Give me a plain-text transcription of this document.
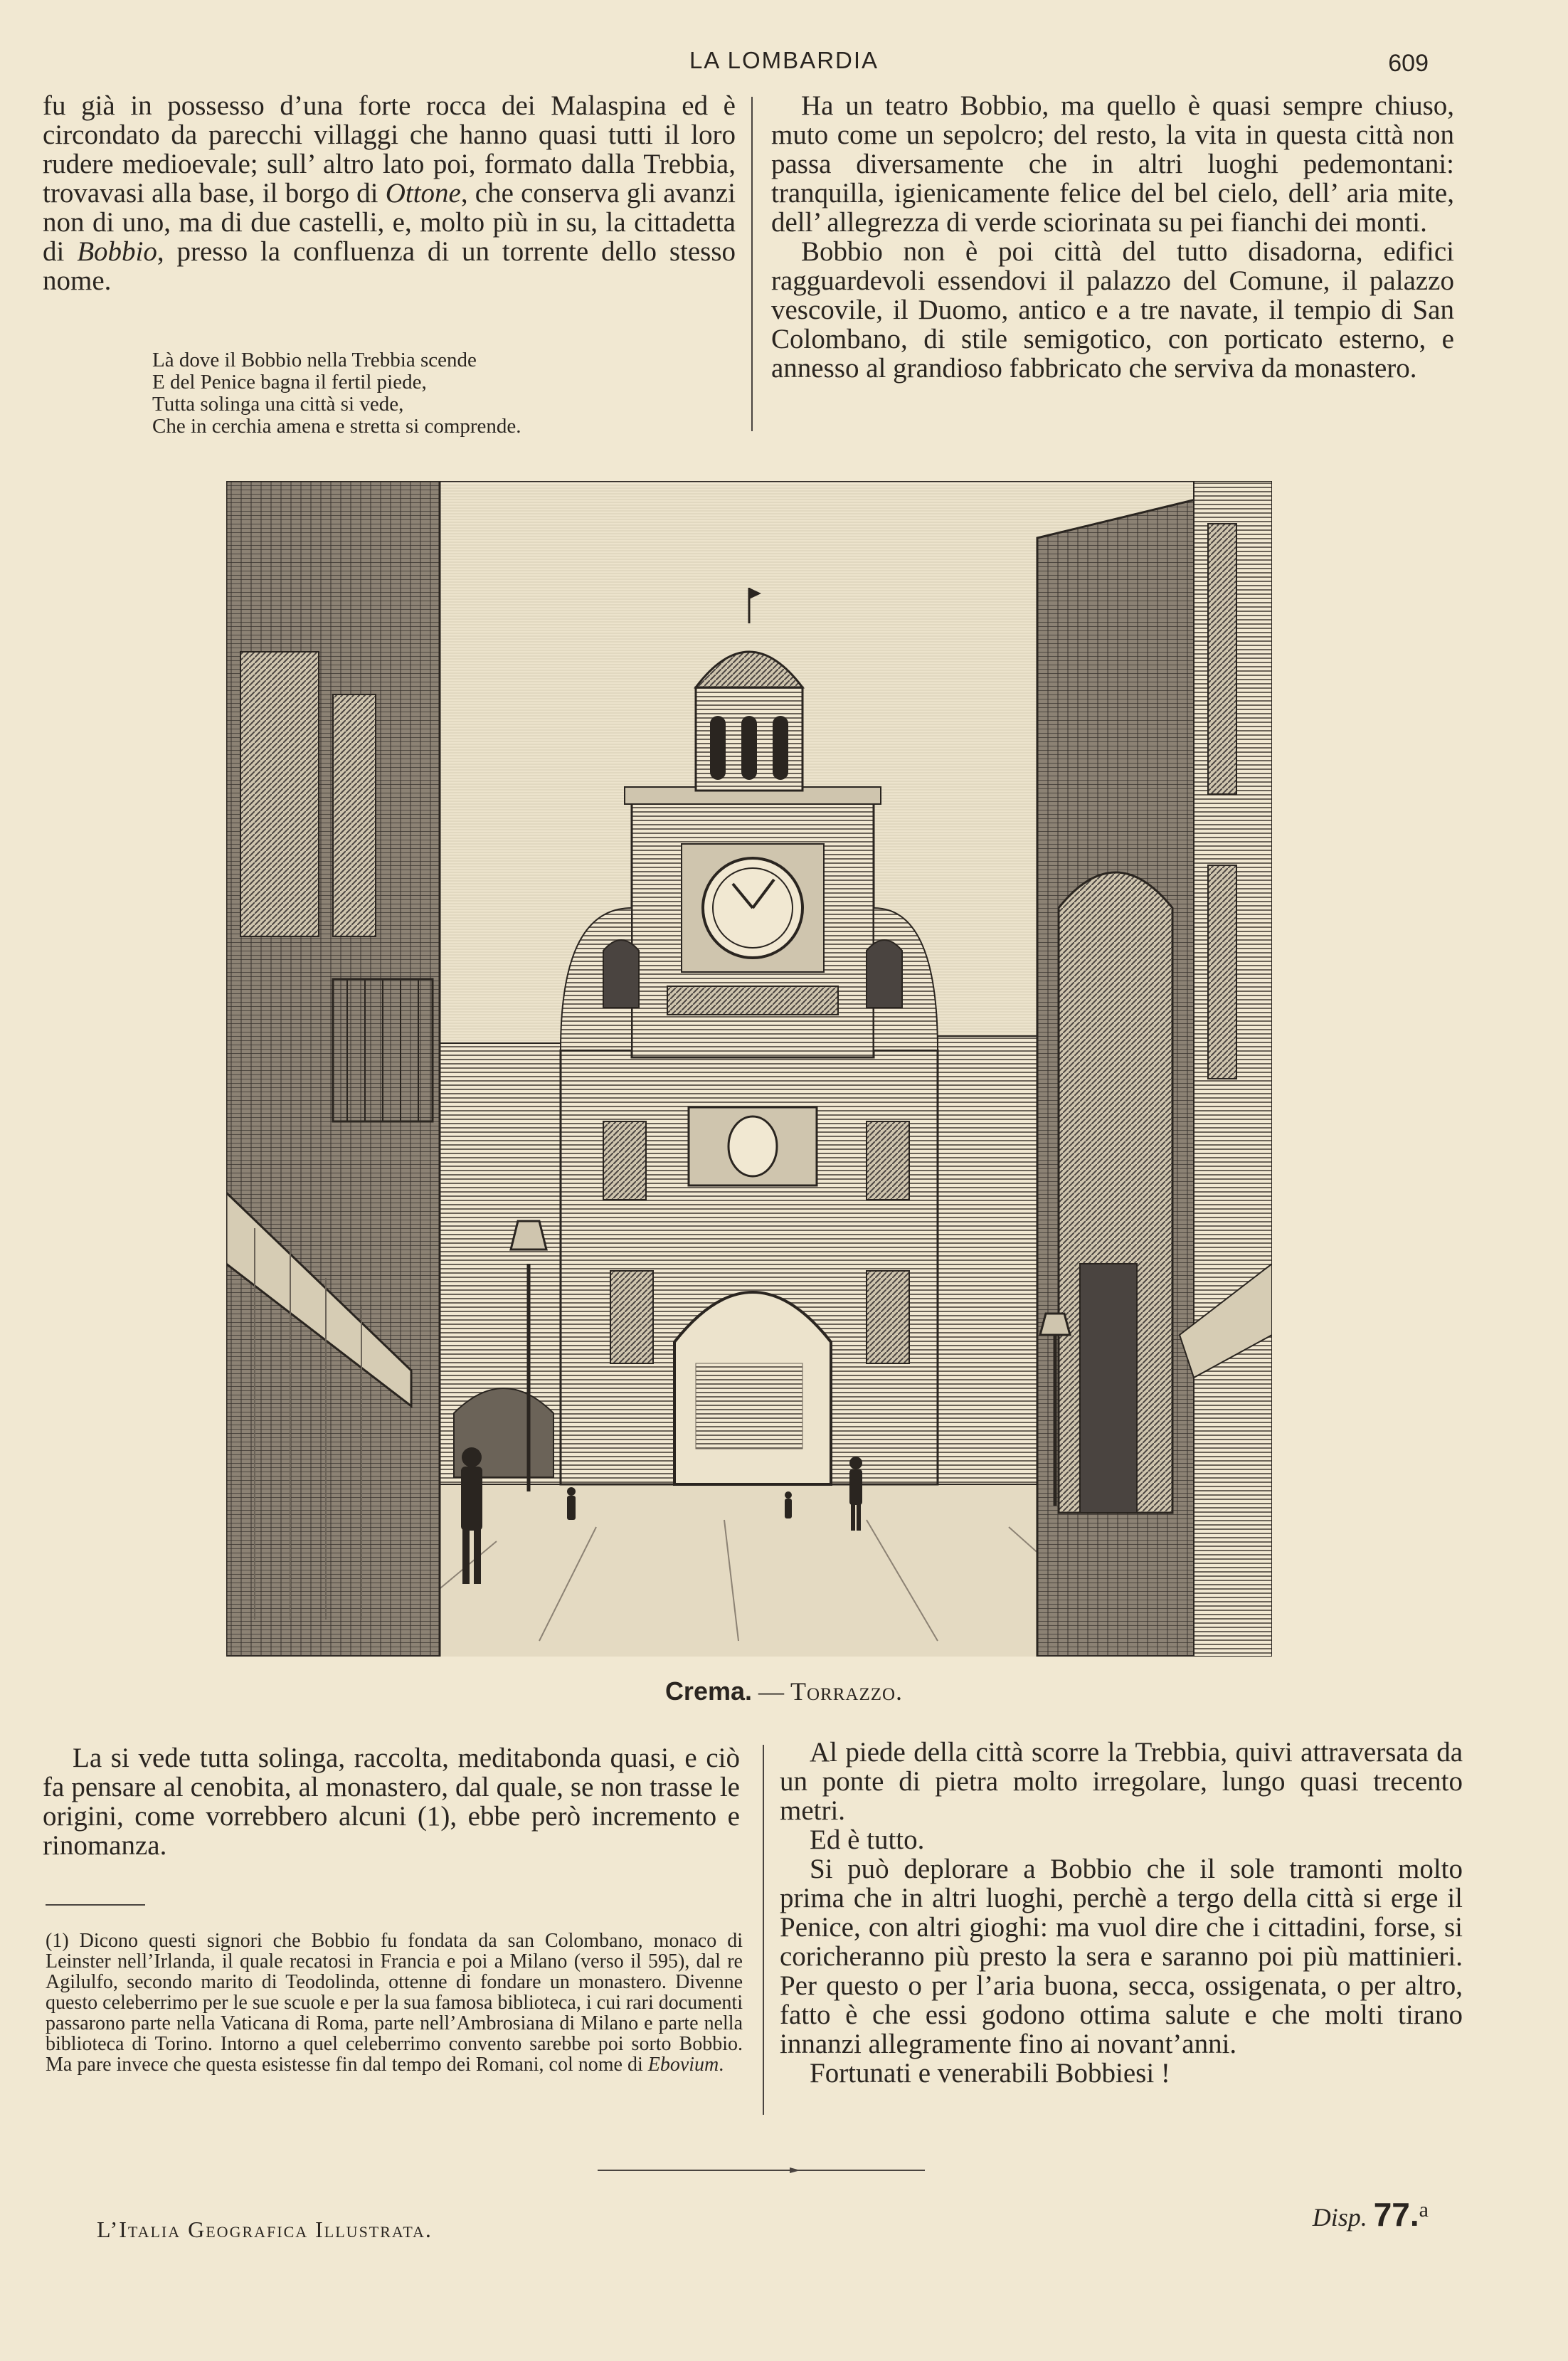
LA LOMBARDIA	609

fu già in possesso d’una forte rocca dei Malaspina ed è circondato da parecchi villaggi che hanno quasi tutti il loro rudere medioevale; sull’ altro lato poi, formato dalla Trebbia, trovavasi alla base, il borgo di Ottone, che conserva gli avanzi non di uno, ma di due castelli, e, molto più in su, la cittadetta di Bobbio, presso la confluenza di un torrente dello stesso nome.

Là dove il Bobbio nella Trebbia scende
E del Penice bagna il fertil piede,
Tutta solinga una città si vede,
Che in cerchia amena e stretta si comprende.

Ha un teatro Bobbio, ma quello è quasi sempre chiuso, muto come un sepolcro; del resto, la vita in questa città non passa diversamente che in altri luoghi pedemontani: tranquilla, igienicamente felice del bel cielo, dell’ aria mite, dell’ allegrezza di verde sciorinata su pei fianchi dei monti.

Bobbio non è poi città del tutto disadorna, edifici ragguardevoli essendovi il palazzo del Comune, il palazzo vescovile, il Duomo, antico e a tre navate, il tempio di San Colombano, di stile semigotico, con porticato esterno, e annesso al grandioso fabbricato che serviva da monastero.

Crema. — Torrazzo.

La si vede tutta solinga, raccolta, meditabonda quasi, e ciò fa pensare al cenobita, al monastero, dal quale, se non trasse le origini, come vorrebbero alcuni (1), ebbe però incremento e rinomanza.

(1) Dicono questi signori che Bobbio fu fondata da san Colombano, monaco di Leinster nell’Irlanda, il quale recatosi in Francia e poi a Milano (verso il 595), dal re Agilulfo, secondo marito di Teodolinda, ottenne di fondare un monastero. Divenne questo celeberrimo per le sue scuole e per la sua famosa biblioteca, i cui rari documenti passarono parte nella Vaticana di Roma, parte nell’Ambrosiana di Milano e parte nella biblioteca di Torino. Intorno a quel celeberrimo convento sarebbe poi sorto Bobbio. Ma pare invece che questa esistesse fin dal tempo dei Romani, col nome di Ebovium.

Al piede della città scorre la Trebbia, quivi attraversata da un ponte di pietra molto irregolare, lungo quasi trecento metri.

Ed è tutto.

Si può deplorare a Bobbio che il sole tramonti molto prima che in altri luoghi, perchè a tergo della città si erge il Penice, con altri gioghi: ma vuol dire che i cittadini, forse, si coricheranno più presto la sera e saranno poi più mattinieri. Per questo o per l’aria buona, secca, ossigenata, o per altro, fatto è che essi godono ottima salute e che molti tirano innanzi allegramente fino ai novant’anni.

Fortunati e venerabili Bobbiesi !

L’Italia Geografica Illustrata.	Disp. 77.$^a$
